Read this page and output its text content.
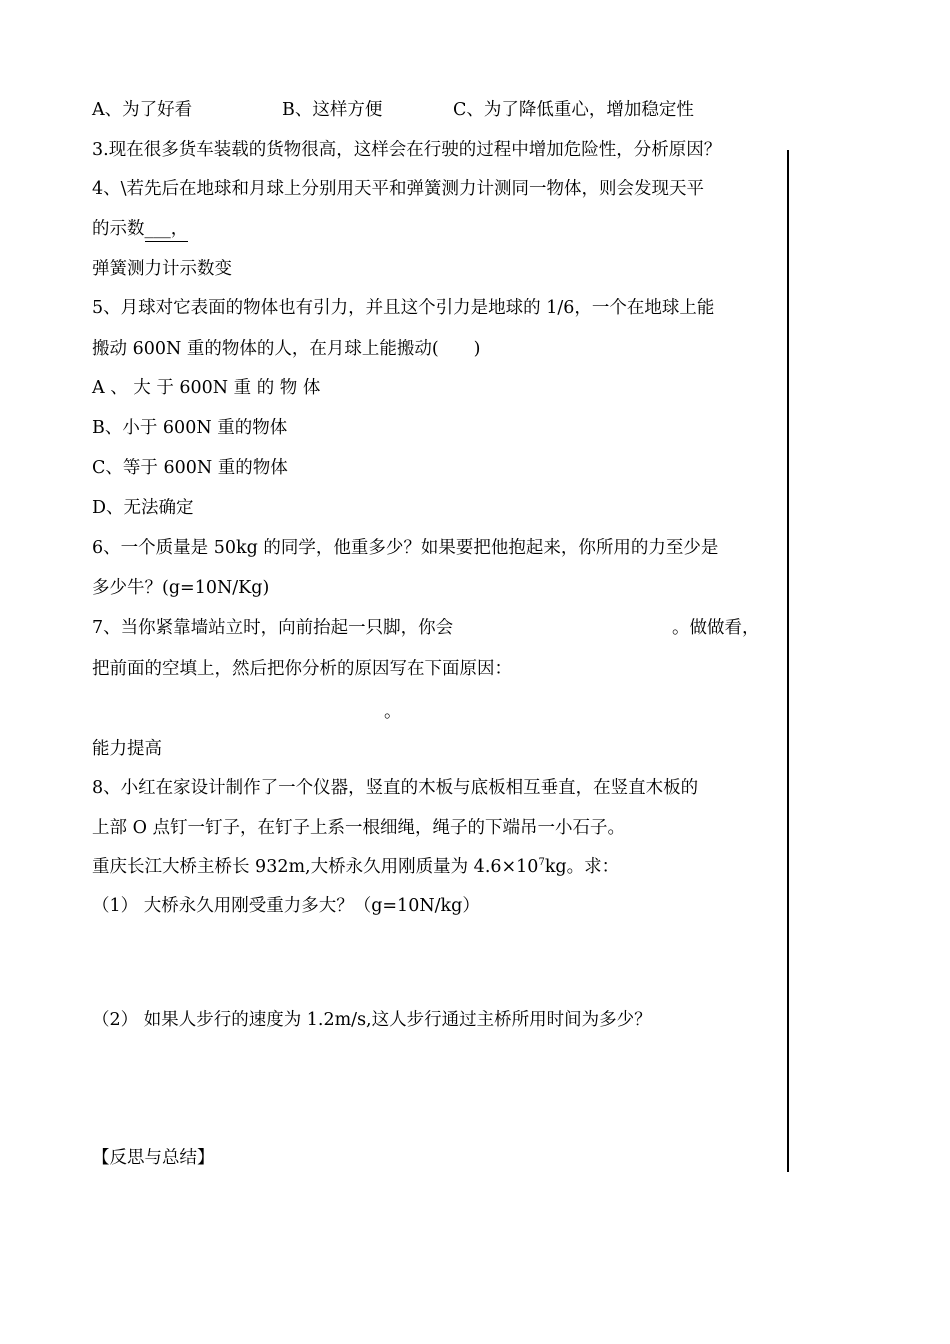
A、为了好看	B、这样方便	C、为了降低重心，增加稳定性
3.现在很多货车装载的货物很高，这样会在行驶的过程中增加危险性，分析原因？
4、\若先后在地球和月球上分别用天平和弹簧测力计测同一物体，则会发现天平
的示数___，
弹簧测力计示数变
5、月球对它表面的物体也有引力，并且这个引力是地球的 1/6，一个在地球上能
搬动 600N 重的物体的人，在月球上能搬动(　　)
A 、 大 于 600N 重 的 物 体
B、小于 600N 重的物体
C、等于 600N 重的物体
D、无法确定
6、一个质量是 50kg 的同学，他重多少？如果要把他抱起来，你所用的力至少是
多少牛？(g=10N/Kg)
7、当你紧靠墙站立时，向前抬起一只脚，你会	。做做看，
把前面的空填上，然后把你分析的原因写在下面原因：
。
能力提高
8、小红在家设计制作了一个仪器，竖直的木板与底板相互垂直，在竖直木板的
上部 O 点钉一钉子，在钉子上系一根细绳，绳子的下端吊一小石子。
重庆长江大桥主桥长 932m,大桥永久用刚质量为 $4.6\times 10^7kg$。求：
（1） 大桥永久用刚受重力多大？（g=10N/kg）
（2） 如果人步行的速度为 1.2m/s,这人步行通过主桥所用时间为多少？
【反思与总结】
